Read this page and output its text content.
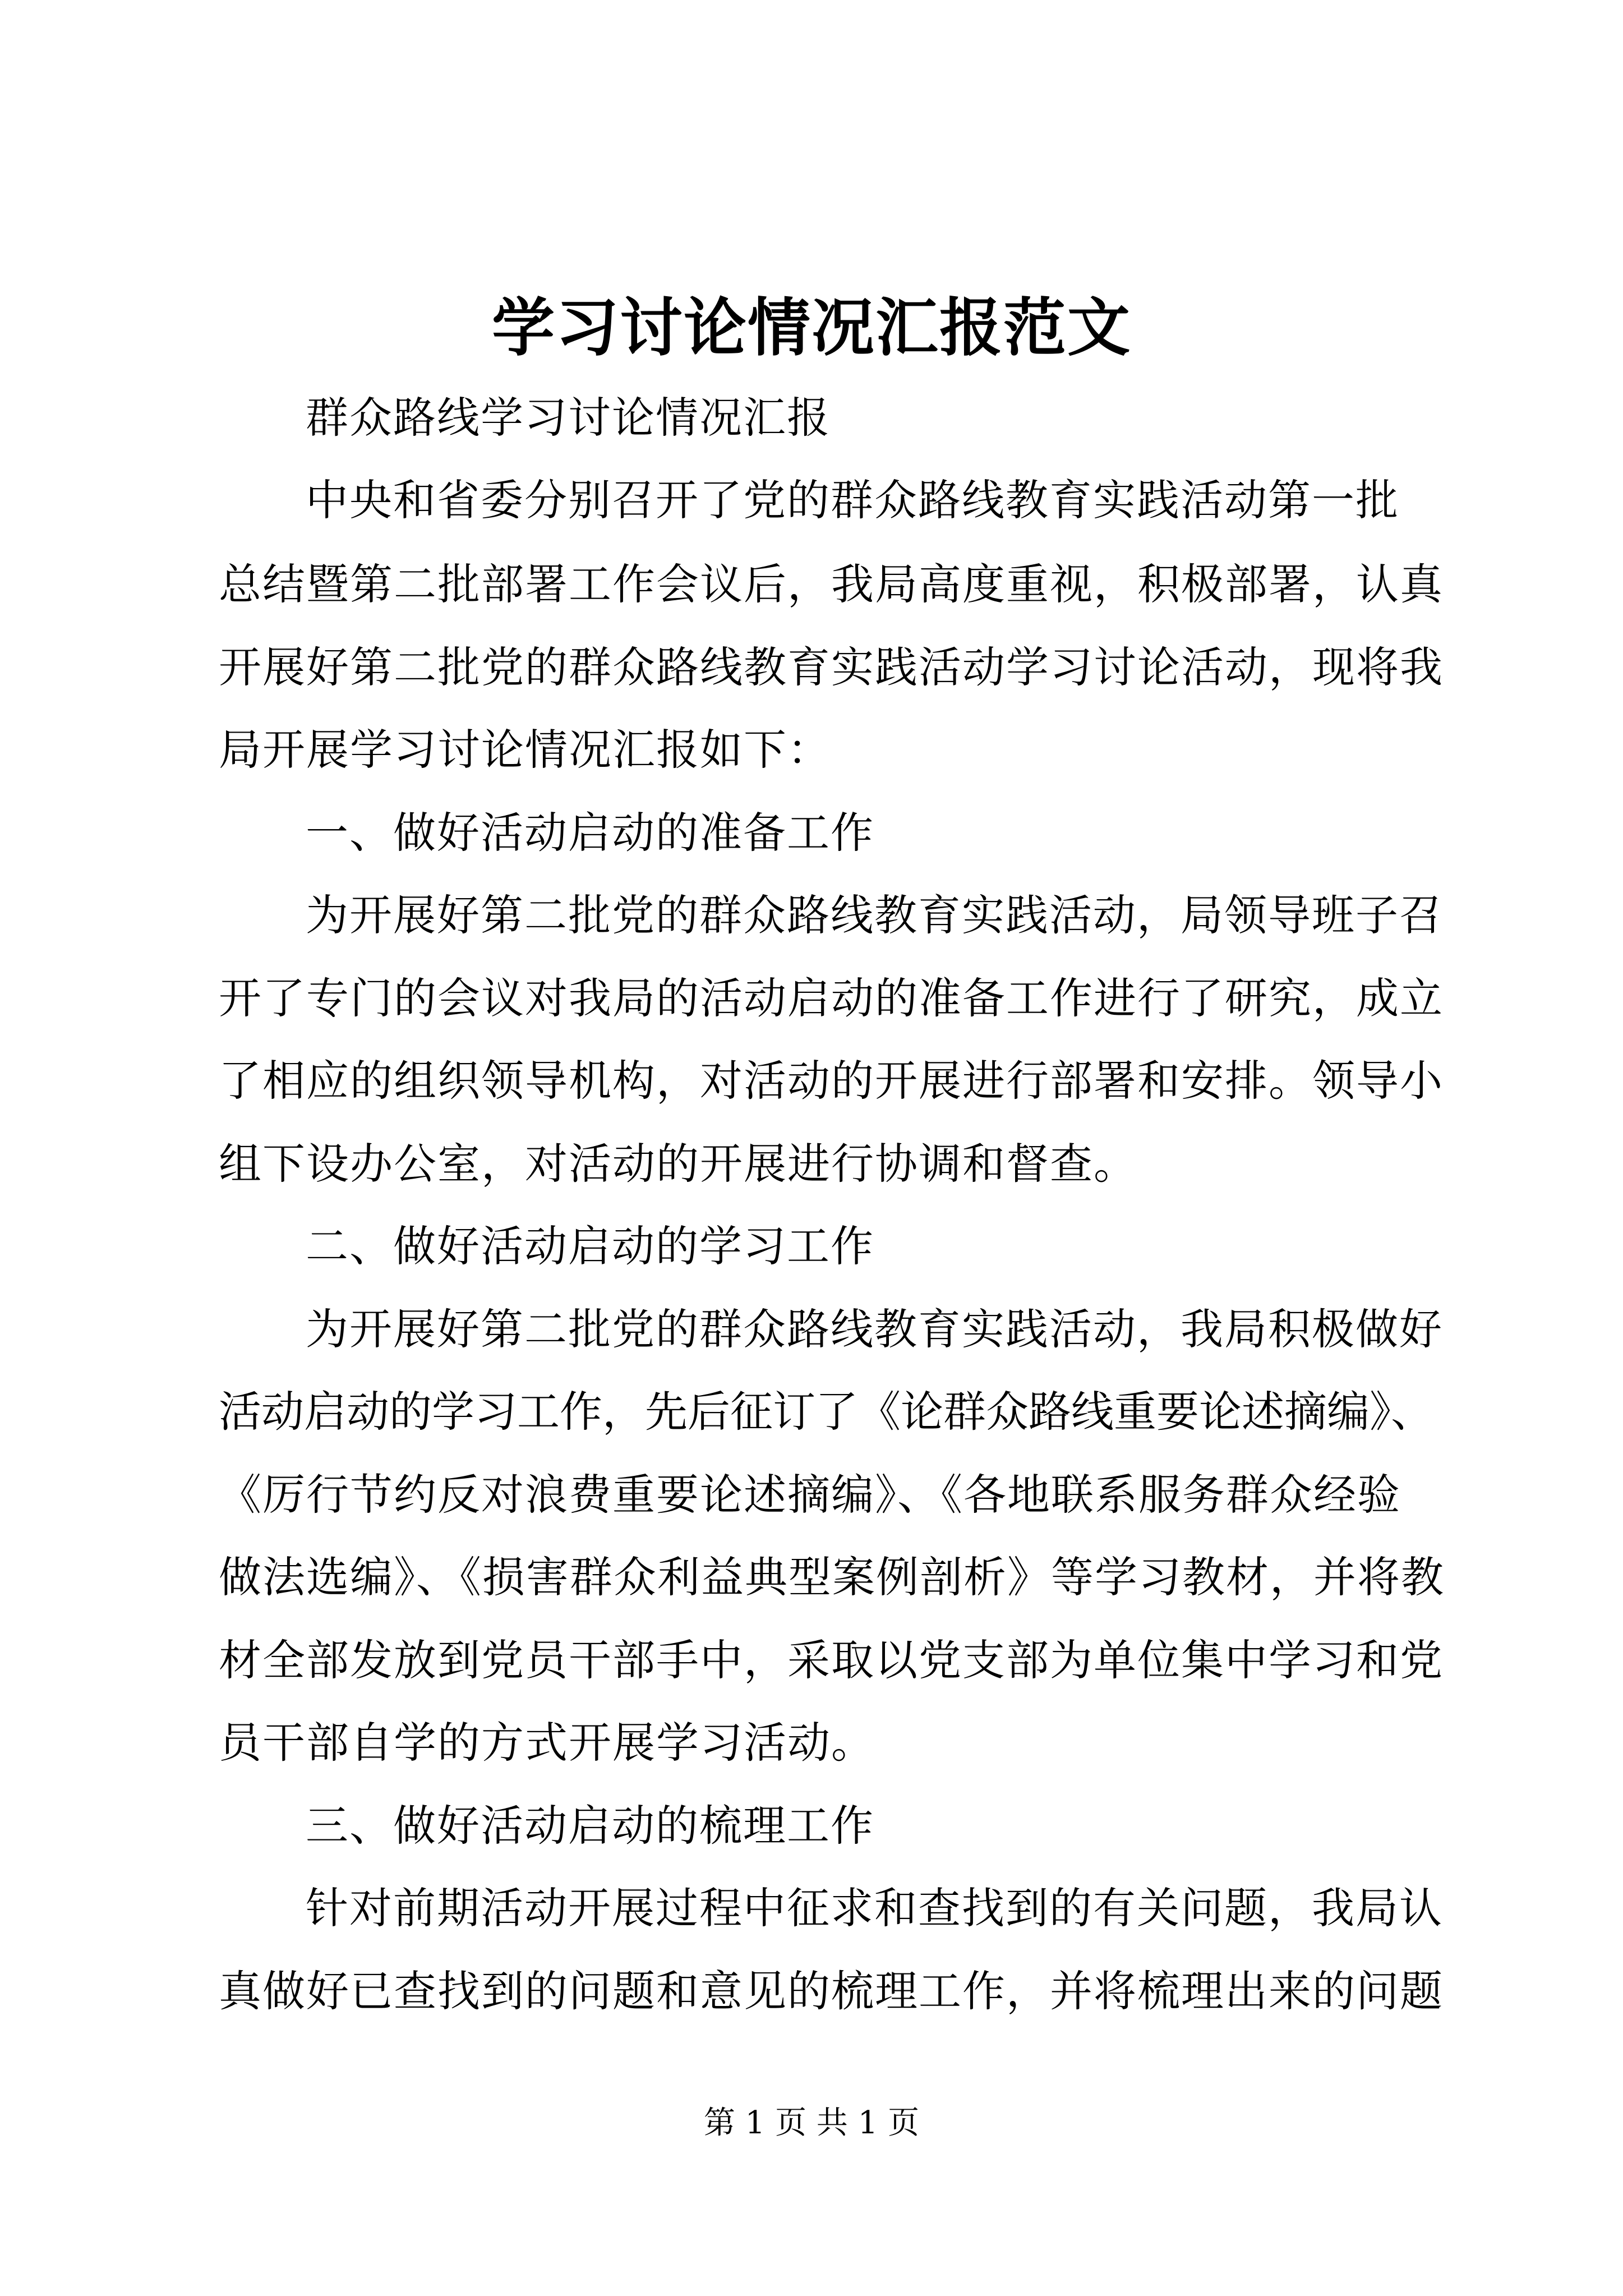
学习讨论情况汇报范文

群众路线学习讨论情况汇报

中央和省委分别召开了党的群众路线教育实践活动第一批

总结暨第二批部署工作会议后，我局高度重视，积极部署，认真

开展好第二批党的群众路线教育实践活动学习讨论活动，现将我

局开展学习讨论情况汇报如下：

一、做好活动启动的准备工作

为开展好第二批党的群众路线教育实践活动，局领导班子召

开了专门的会议对我局的活动启动的准备工作进行了研究，成立

了相应的组织领导机构，对活动的开展进行部署和安排。领导小

组下设办公室，对活动的开展进行协调和督查。

二、做好活动启动的学习工作

为开展好第二批党的群众路线教育实践活动，我局积极做好

活动启动的学习工作，先后征订了《论群众路线重要论述摘编》、

《厉行节约反对浪费重要论述摘编》、《各地联系服务群众经验

做法选编》、《损害群众利益典型案例剖析》等学习教材，并将教

材全部发放到党员干部手中，采取以党支部为单位集中学习和党

员干部自学的方式开展学习活动。

三、做好活动启动的梳理工作

针对前期活动开展过程中征求和查找到的有关问题，我局认

真做好已查找到的问题和意见的梳理工作，并将梳理出来的问题

第 1 页 共 1 页
